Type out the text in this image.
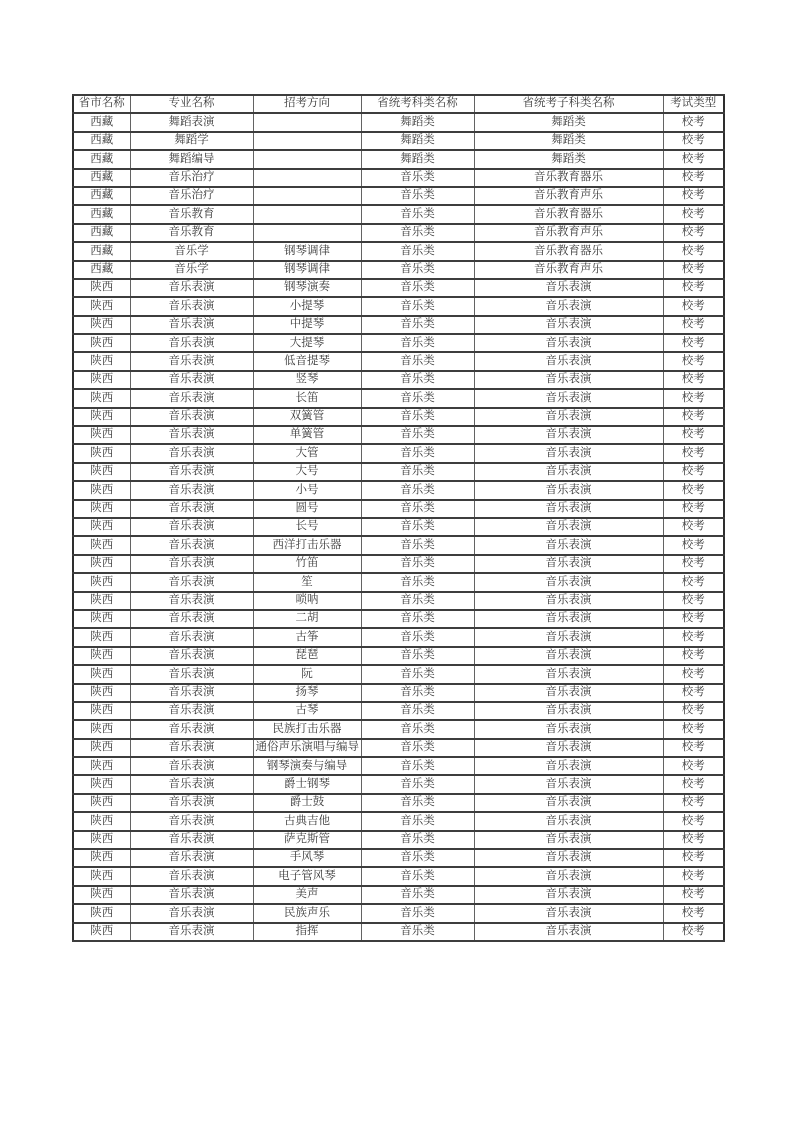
省市名称	专业名称	招考方向	省统考科类名称	省统考子科类名称	考试类型
西藏	舞蹈表演		舞蹈类	舞蹈类	校考
西藏	舞蹈学		舞蹈类	舞蹈类	校考
西藏	舞蹈编导		舞蹈类	舞蹈类	校考
西藏	音乐治疗		音乐类	音乐教育器乐	校考
西藏	音乐治疗		音乐类	音乐教育声乐	校考
西藏	音乐教育		音乐类	音乐教育器乐	校考
西藏	音乐教育		音乐类	音乐教育声乐	校考
西藏	音乐学	钢琴调律	音乐类	音乐教育器乐	校考
西藏	音乐学	钢琴调律	音乐类	音乐教育声乐	校考
陕西	音乐表演	钢琴演奏	音乐类	音乐表演	校考
陕西	音乐表演	小提琴	音乐类	音乐表演	校考
陕西	音乐表演	中提琴	音乐类	音乐表演	校考
陕西	音乐表演	大提琴	音乐类	音乐表演	校考
陕西	音乐表演	低音提琴	音乐类	音乐表演	校考
陕西	音乐表演	竖琴	音乐类	音乐表演	校考
陕西	音乐表演	长笛	音乐类	音乐表演	校考
陕西	音乐表演	双簧管	音乐类	音乐表演	校考
陕西	音乐表演	单簧管	音乐类	音乐表演	校考
陕西	音乐表演	大管	音乐类	音乐表演	校考
陕西	音乐表演	大号	音乐类	音乐表演	校考
陕西	音乐表演	小号	音乐类	音乐表演	校考
陕西	音乐表演	圆号	音乐类	音乐表演	校考
陕西	音乐表演	长号	音乐类	音乐表演	校考
陕西	音乐表演	西洋打击乐器	音乐类	音乐表演	校考
陕西	音乐表演	竹笛	音乐类	音乐表演	校考
陕西	音乐表演	笙	音乐类	音乐表演	校考
陕西	音乐表演	唢呐	音乐类	音乐表演	校考
陕西	音乐表演	二胡	音乐类	音乐表演	校考
陕西	音乐表演	古筝	音乐类	音乐表演	校考
陕西	音乐表演	琵琶	音乐类	音乐表演	校考
陕西	音乐表演	阮	音乐类	音乐表演	校考
陕西	音乐表演	扬琴	音乐类	音乐表演	校考
陕西	音乐表演	古琴	音乐类	音乐表演	校考
陕西	音乐表演	民族打击乐器	音乐类	音乐表演	校考
陕西	音乐表演	通俗声乐演唱与编导	音乐类	音乐表演	校考
陕西	音乐表演	钢琴演奏与编导	音乐类	音乐表演	校考
陕西	音乐表演	爵士钢琴	音乐类	音乐表演	校考
陕西	音乐表演	爵士鼓	音乐类	音乐表演	校考
陕西	音乐表演	古典吉他	音乐类	音乐表演	校考
陕西	音乐表演	萨克斯管	音乐类	音乐表演	校考
陕西	音乐表演	手风琴	音乐类	音乐表演	校考
陕西	音乐表演	电子管风琴	音乐类	音乐表演	校考
陕西	音乐表演	美声	音乐类	音乐表演	校考
陕西	音乐表演	民族声乐	音乐类	音乐表演	校考
陕西	音乐表演	指挥	音乐类	音乐表演	校考
